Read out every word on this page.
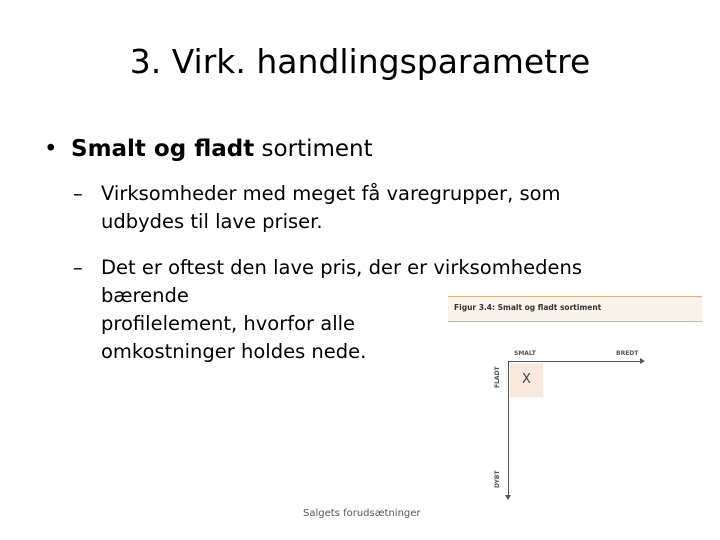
3. Virk. handlingsparametre
• Smalt og fladt sortiment
– Virksomheder med meget få varegrupper, som
udbydes til lave priser.
– Det er oftest den lave pris, der er virksomhedens
bærende
profilelement, hvorfor alle
omkostninger holdes nede.
Figur 3.4: Smalt og fladt sortiment
SMALT	BREDT
FLADT
DYBT
X
Salgets forudsætninger
